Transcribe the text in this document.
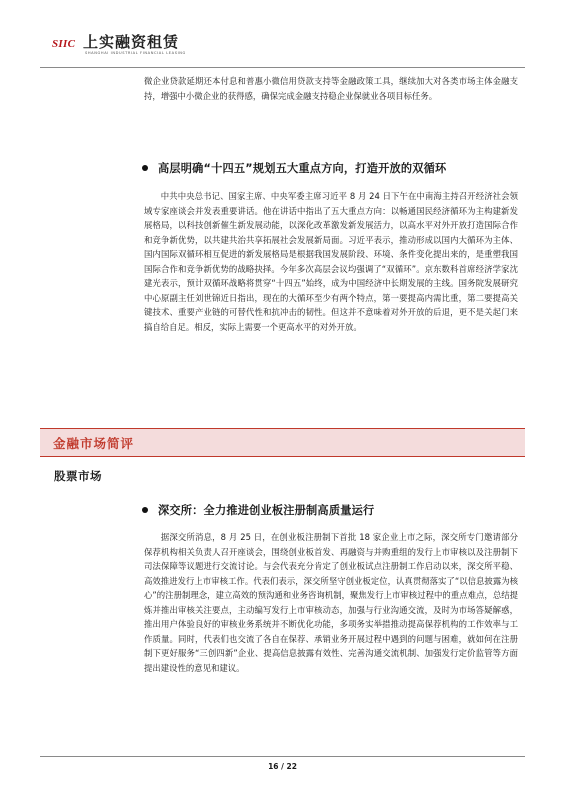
SIIC 上实融资租赁
SHANGHAI INDUSTRIAL FINANCIAL LEASING

微企业贷款延期还本付息和普惠小微信用贷款支持等金融政策工具，继续加大对各类市场主体金融支持，增强中小微企业的获得感，确保完成金融支持稳企业保就业各项目标任务。

高层明确“十四五”规划五大重点方向，打造开放的双循环

中共中央总书记、国家主席、中央军委主席习近平 8 月 24 日下午在中南海主持召开经济社会领域专家座谈会并发表重要讲话。他在讲话中指出了五大重点方向：以畅通国民经济循环为主构建新发展格局，以科技创新催生新发展动能，以深化改革激发新发展活力，以高水平对外开放打造国际合作和竞争新优势，以共建共治共享拓展社会发展新局面。习近平表示，推动形成以国内大循环为主体、国内国际双循环相互促进的新发展格局是根据我国发展阶段、环境、条件变化提出来的，是重塑我国国际合作和竞争新优势的战略抉择。今年多次高层会议均强调了“双循环”。京东数科首席经济学家沈建光表示，预计双循环战略将贯穿“十四五”始终，成为中国经济中长期发展的主线。国务院发展研究中心原副主任刘世锦近日指出，现在的大循环至少有两个特点，第一要提高内需比重，第二要提高关键技术、重要产业链的可替代性和抗冲击的韧性。但这并不意味着对外开放的后退，更不是关起门来搞自给自足。相反，实际上需要一个更高水平的对外开放。

金融市场简评
股票市场
深交所：全力推进创业板注册制高质量运行

据深交所消息，8 月 25 日，在创业板注册制下首批 18 家企业上市之际，深交所专门邀请部分保荐机构相关负责人召开座谈会，围绕创业板首发、再融资与并购重组的发行上市审核以及注册制下司法保障等议题进行交流讨论。与会代表充分肯定了创业板试点注册制工作启动以来，深交所平稳、高效推进发行上市审核工作。代表们表示，深交所坚守创业板定位，认真贯彻落实了“以信息披露为核心”的注册制理念，建立高效的预沟通和业务咨询机制，聚焦发行上市审核过程中的重点难点，总结提炼并推出审核关注要点，主动编写发行上市审核动态，加强与行业沟通交流，及时为市场答疑解惑，推出用户体验良好的审核业务系统并不断优化功能，多项务实举措推动提高保荐机构的工作效率与工作质量。同时，代表们也交流了各自在保荐、承销业务开展过程中遇到的问题与困难，就如何在注册制下更好服务“三创四新”企业、提高信息披露有效性、完善沟通交流机制、加强发行定价监管等方面提出建设性的意见和建议。

16 / 22
